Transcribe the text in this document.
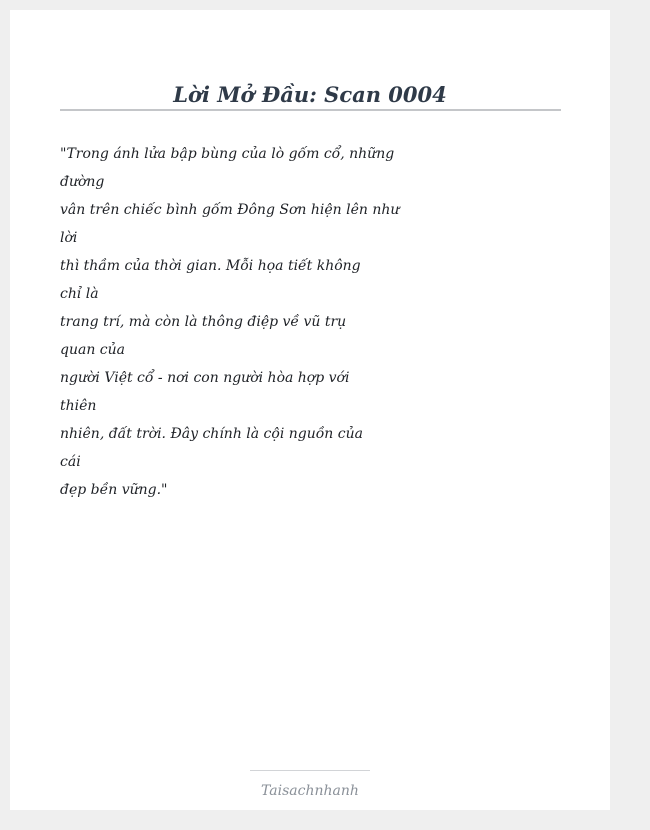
Lời Mở Đầu: Scan 0004
"Trong ánh lửa bập bùng của lò gốm cổ, những
đường
vân trên chiếc bình gốm Đông Sơn hiện lên như
lời
thì thầm của thời gian. Mỗi họa tiết không
chỉ là
trang trí, mà còn là thông điệp về vũ trụ
quan của
người Việt cổ - nơi con người hòa hợp với
thiên
nhiên, đất trời. Đây chính là cội nguồn của
cái
đẹp bền vững."
Taisachnhanh
